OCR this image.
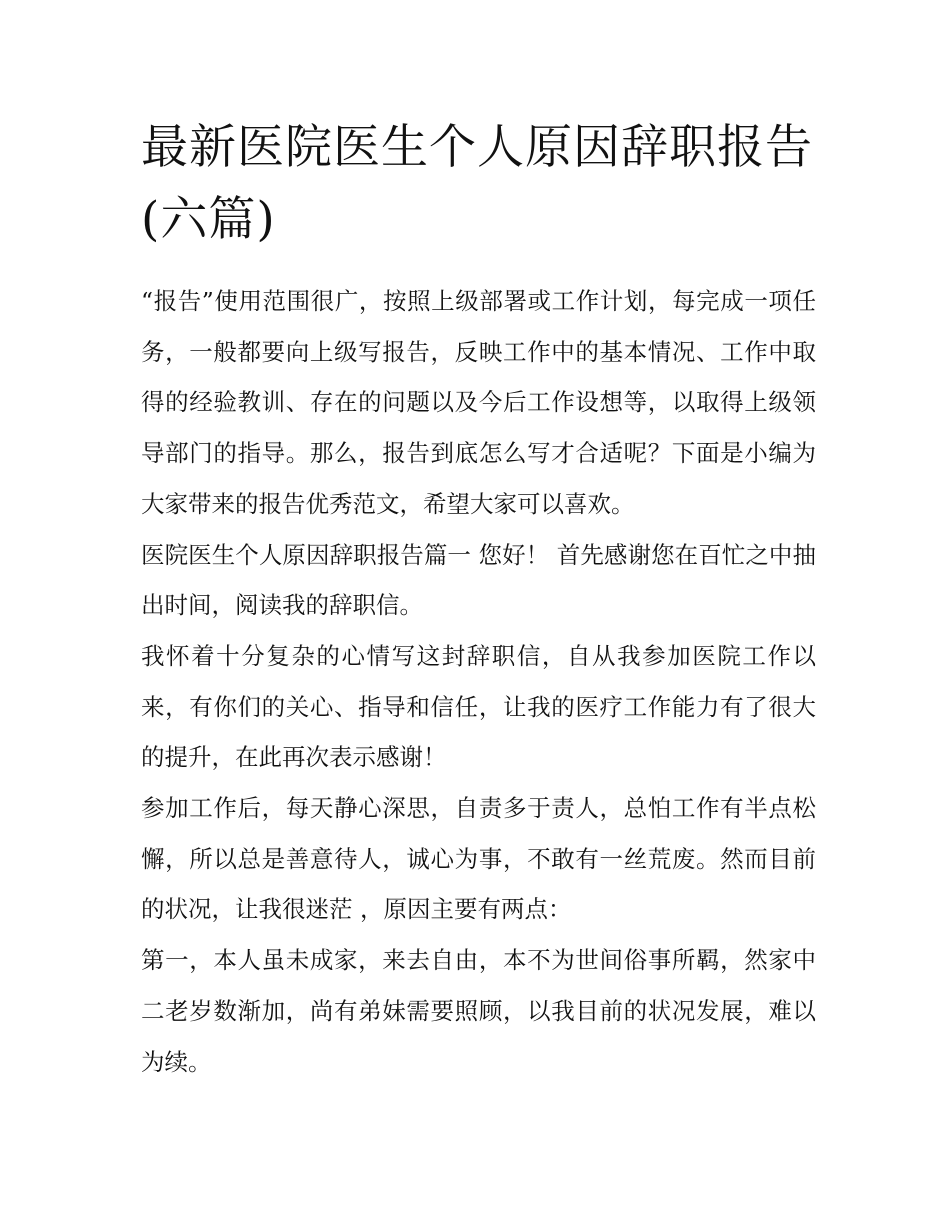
最新医院医生个人原因辞职报告(六篇)

“报告”使用范围很广，按照上级部署或工作计划，每完成一项任务，一般都要向上级写报告，反映工作中的基本情况、工作中取得的经验教训、存在的问题以及今后工作设想等，以取得上级领导部门的指导。那么，报告到底怎么写才合适呢？下面是小编为大家带来的报告优秀范文，希望大家可以喜欢。

医院医生个人原因辞职报告篇一 您好！ 首先感谢您在百忙之中抽出时间，阅读我的辞职信。

我怀着十分复杂的心情写这封辞职信，自从我参加医院工作以来，有你们的关心、指导和信任，让我的医疗工作能力有了很大的提升，在此再次表示感谢！

参加工作后，每天静心深思，自责多于责人，总怕工作有半点松懈，所以总是善意待人，诚心为事，不敢有一丝荒废。然而目前的状况，让我很迷茫 ，原因主要有两点：

第一，本人虽未成家，来去自由，本不为世间俗事所羁，然家中二老岁数渐加，尚有弟妹需要照顾，以我目前的状况发展，难以为续。
